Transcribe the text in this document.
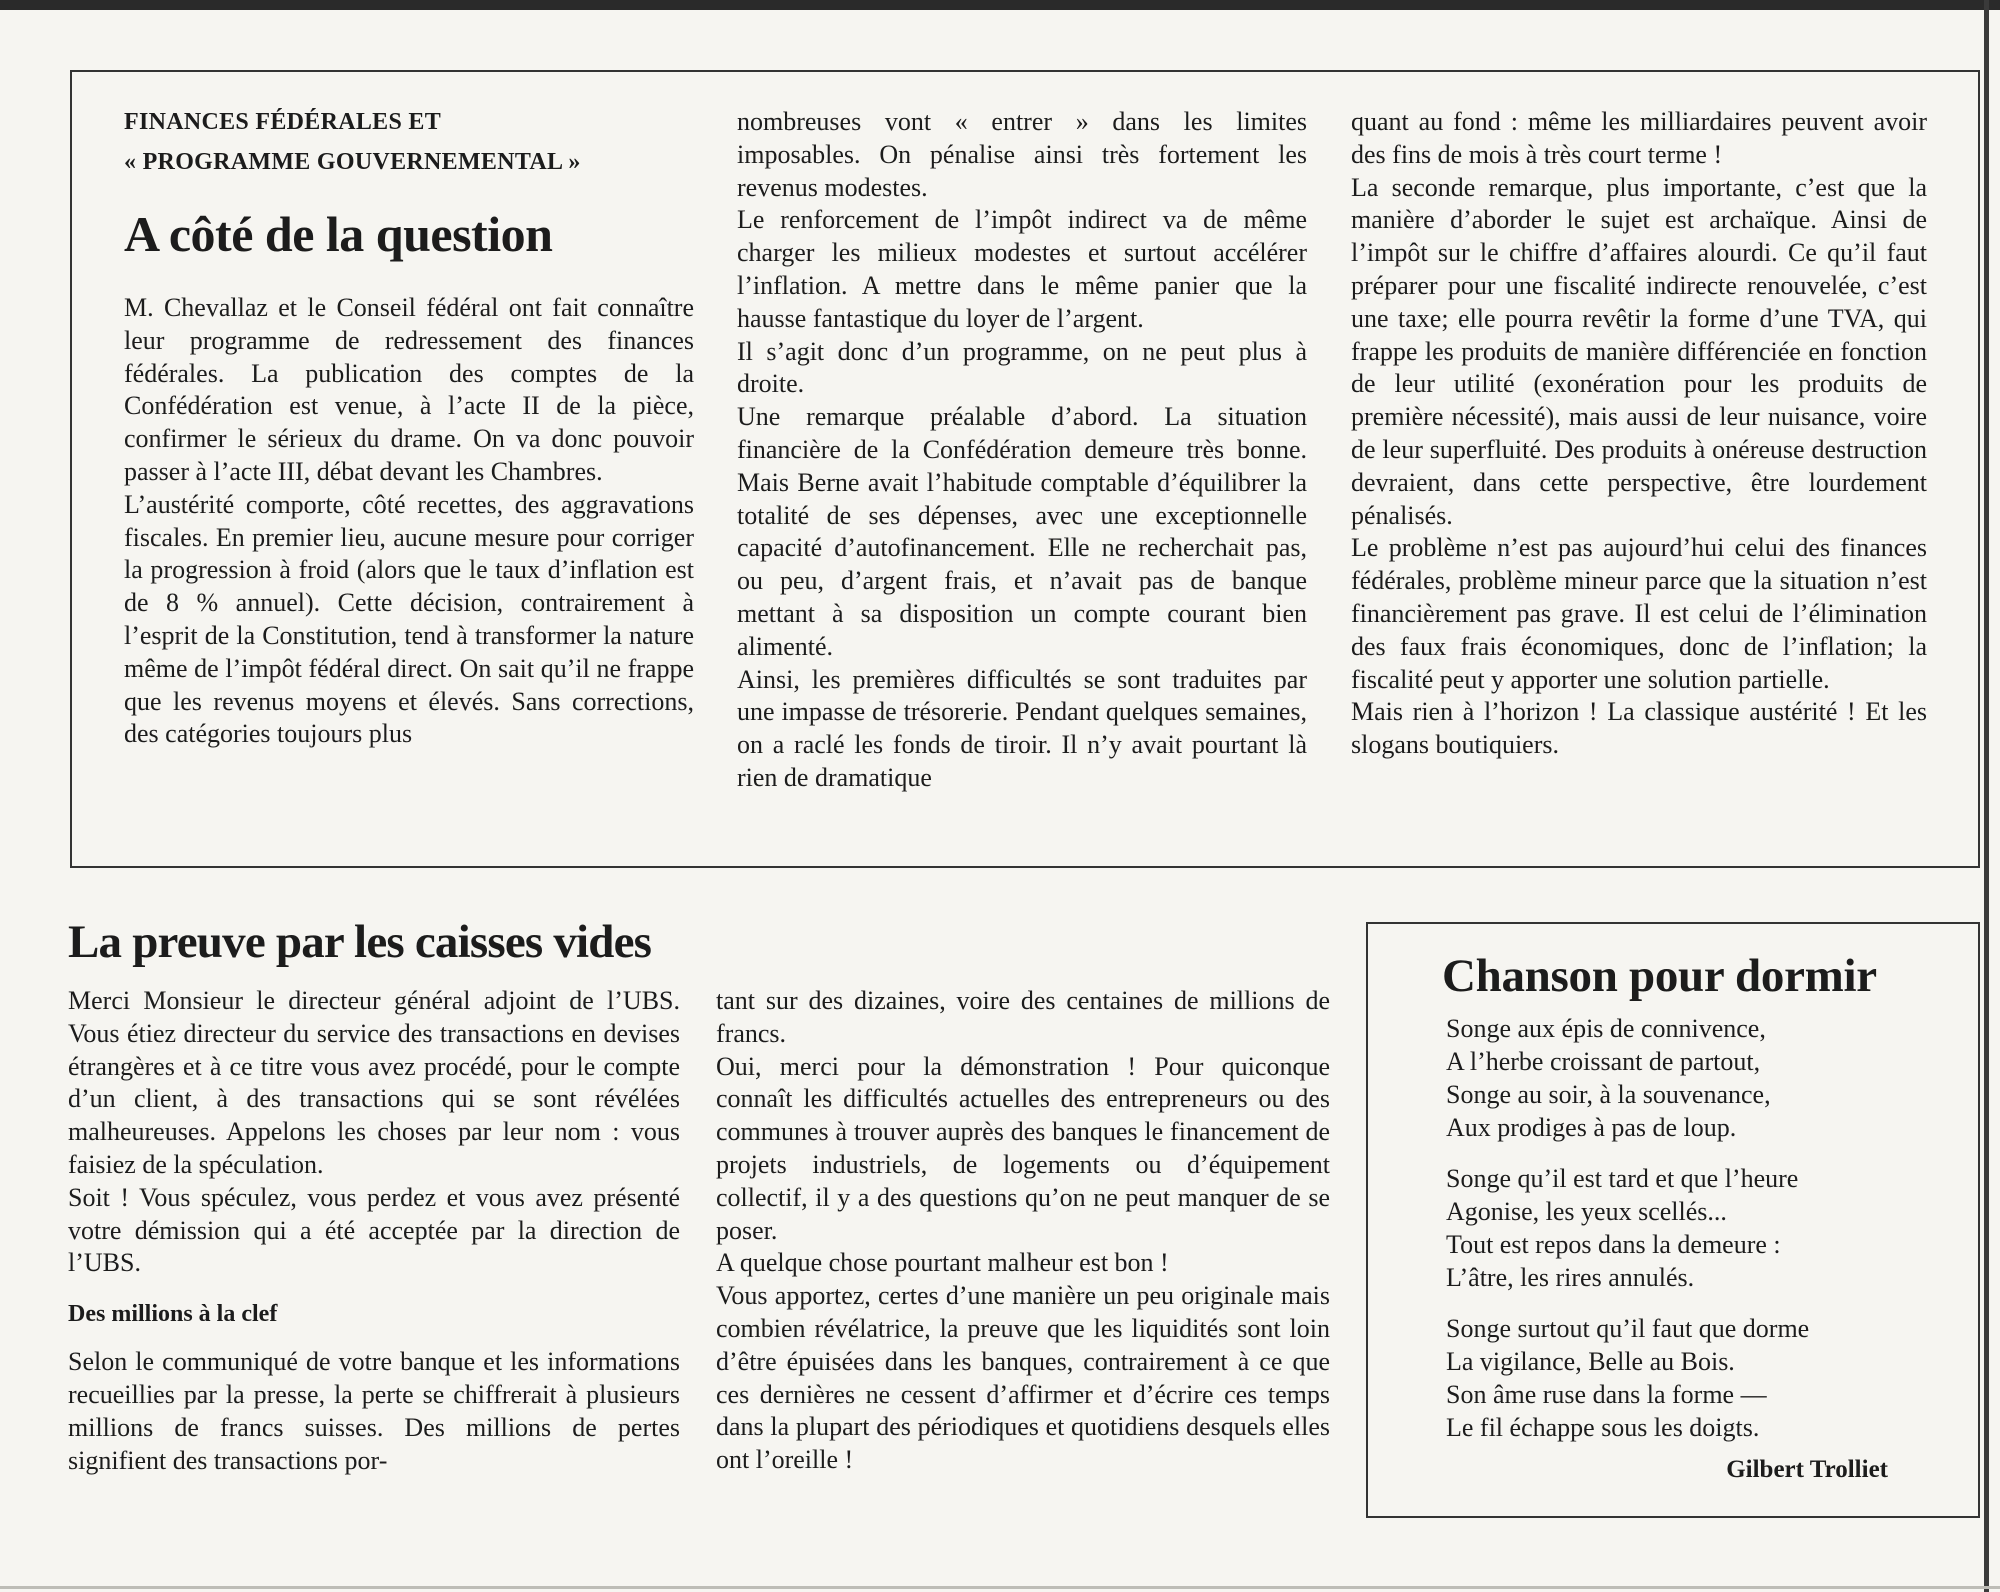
FINANCES FÉDÉRALES ET

« PROGRAMME GOUVERNEMENTAL »

A côté de la question

M. Chevallaz et le Conseil fédéral ont fait connaître leur programme de redressement des finances fédérales. La publication des comptes de la Confédération est venue, à l’acte II de la pièce, confirmer le sérieux du drame. On va donc pouvoir passer à l’acte III, débat devant les Chambres.

L’austérité comporte, côté recettes, des aggravations fiscales. En premier lieu, aucune mesure pour corriger la progression à froid (alors que le taux d’inflation est de 8 % annuel). Cette décision, contrairement à l’esprit de la Constitution, tend à transformer la nature même de l’impôt fédéral direct. On sait qu’il ne frappe que les revenus moyens et élevés. Sans corrections, des catégories toujours plus

nombreuses vont « entrer » dans les limites imposables. On pénalise ainsi très fortement les revenus modestes.

Le renforcement de l’impôt indirect va de même charger les milieux modestes et surtout accélérer l’inflation. A mettre dans le même panier que la hausse fantastique du loyer de l’argent.

Il s’agit donc d’un programme, on ne peut plus à droite.

Une remarque préalable d’abord. La situation financière de la Confédération demeure très bonne. Mais Berne avait l’habitude comptable d’équilibrer la totalité de ses dépenses, avec une exceptionnelle capacité d’autofinancement. Elle ne recherchait pas, ou peu, d’argent frais, et n’avait pas de banque mettant à sa disposition un compte courant bien alimenté.

Ainsi, les premières difficultés se sont traduites par une impasse de trésorerie. Pendant quelques semaines, on a raclé les fonds de tiroir. Il n’y avait pourtant là rien de dramatique

quant au fond : même les milliardaires peuvent avoir des fins de mois à très court terme !

La seconde remarque, plus importante, c’est que la manière d’aborder le sujet est archaïque. Ainsi de l’impôt sur le chiffre d’affaires alourdi. Ce qu’il faut préparer pour une fiscalité indirecte renouvelée, c’est une taxe; elle pourra revêtir la forme d’une TVA, qui frappe les produits de manière différenciée en fonction de leur utilité (exonération pour les produits de première nécessité), mais aussi de leur nuisance, voire de leur superfluité. Des produits à onéreuse destruction devraient, dans cette perspective, être lourdement pénalisés.

Le problème n’est pas aujourd’hui celui des finances fédérales, problème mineur parce que la situation n’est financièrement pas grave. Il est celui de l’élimination des faux frais économiques, donc de l’inflation; la fiscalité peut y apporter une solution partielle.

Mais rien à l’horizon ! La classique austérité ! Et les slogans boutiquiers.

La preuve par les caisses vides

Merci Monsieur le directeur général adjoint de l’UBS. Vous étiez directeur du service des transactions en devises étrangères et à ce titre vous avez procédé, pour le compte d’un client, à des transactions qui se sont révélées malheureuses. Appelons les choses par leur nom : vous faisiez de la spéculation.

Soit ! Vous spéculez, vous perdez et vous avez présenté votre démission qui a été acceptée par la direction de l’UBS.

Des millions à la clef

Selon le communiqué de votre banque et les informations recueillies par la presse, la perte se chiffrerait à plusieurs millions de francs suisses. Des millions de pertes signifient des transactions por-

tant sur des dizaines, voire des centaines de millions de francs.

Oui, merci pour la démonstration ! Pour quiconque connaît les difficultés actuelles des entrepreneurs ou des communes à trouver auprès des banques le financement de projets industriels, de logements ou d’équipement collectif, il y a des questions qu’on ne peut manquer de se poser.

A quelque chose pourtant malheur est bon !

Vous apportez, certes d’une manière un peu originale mais combien révélatrice, la preuve que les liquidités sont loin d’être épuisées dans les banques, contrairement à ce que ces dernières ne cessent d’affirmer et d’écrire ces temps dans la plupart des périodiques et quotidiens desquels elles ont l’oreille !

Chanson pour dormir
Songe aux épis de connivence,
A l’herbe croissant de partout,
Songe au soir, à la souvenance,
Aux prodiges à pas de loup.
Songe qu’il est tard et que l’heure
Agonise, les yeux scellés...
Tout est repos dans la demeure :
L’âtre, les rires annulés.
Songe surtout qu’il faut que dorme
La vigilance, Belle au Bois.
Son âme ruse dans la forme —
Le fil échappe sous les doigts.

Gilbert Trolliet
